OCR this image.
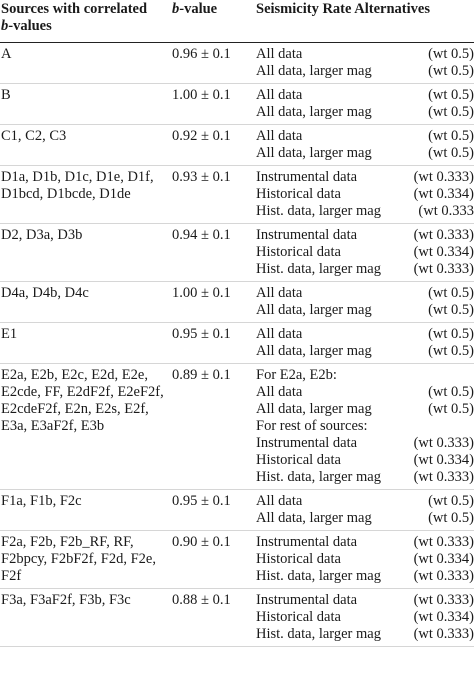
Sources with correlated
b-values
b-value	Seismicity Rate Alternatives
A	0.96 ± 0.1 All data	(wt 0.5)
All data, larger mag	(wt 0.5)
B	1.00 ± 0.1 All data	(wt 0.5)
All data, larger mag	(wt 0.5)
C1, C2, C3	0.92 ± 0.1 All data	(wt 0.5)
All data, larger mag	(wt 0.5)
D1a, D1b, D1c, D1e, D1f,
D1bcd, D1bcde, D1de
0.93 ± 0.1 Instrumental data	(wt 0.333)
Historical data	(wt 0.334)
Hist. data, larger mag	(wt 0.333
D2, D3a, D3b	0.94 ± 0.1 Instrumental data	(wt 0.333)
Historical data	(wt 0.334)
Hist. data, larger mag (wt 0.333)
D4a, D4b, D4c	1.00 ± 0.1 All data	(wt 0.5)
All data, larger mag	(wt 0.5)
E1	0.95 ± 0.1 All data	(wt 0.5)
All data, larger mag	(wt 0.5)
E2a, E2b, E2c, E2d, E2e,
E2cde, FF, E2dF2f, E2eF2f,
E2cdeF2f, E2n, E2s, E2f,
E3a, E3aF2f, E3b
0.89 ± 0.1 For E2a, E2b:
All data	(wt 0.5)
All data, larger mag	(wt 0.5)
For rest of sources:
Instrumental data	(wt 0.333)
Historical data	(wt 0.334)
Hist. data, larger mag (wt 0.333)
F1a, F1b, F2c	0.95 ± 0.1 All data	(wt 0.5)
All data, larger mag	(wt 0.5)
F2a, F2b, F2b_RF, RF,
F2bpcy, F2bF2f, F2d, F2e,
F2f
0.90 ± 0.1 Instrumental data	(wt 0.333)
Historical data	(wt 0.334)
Hist. data, larger mag (wt 0.333)
F3a, F3aF2f, F3b, F3c	0.88 ± 0.1 Instrumental data	(wt 0.333)
Historical data	(wt 0.334)
Hist. data, larger mag (wt 0.333)
